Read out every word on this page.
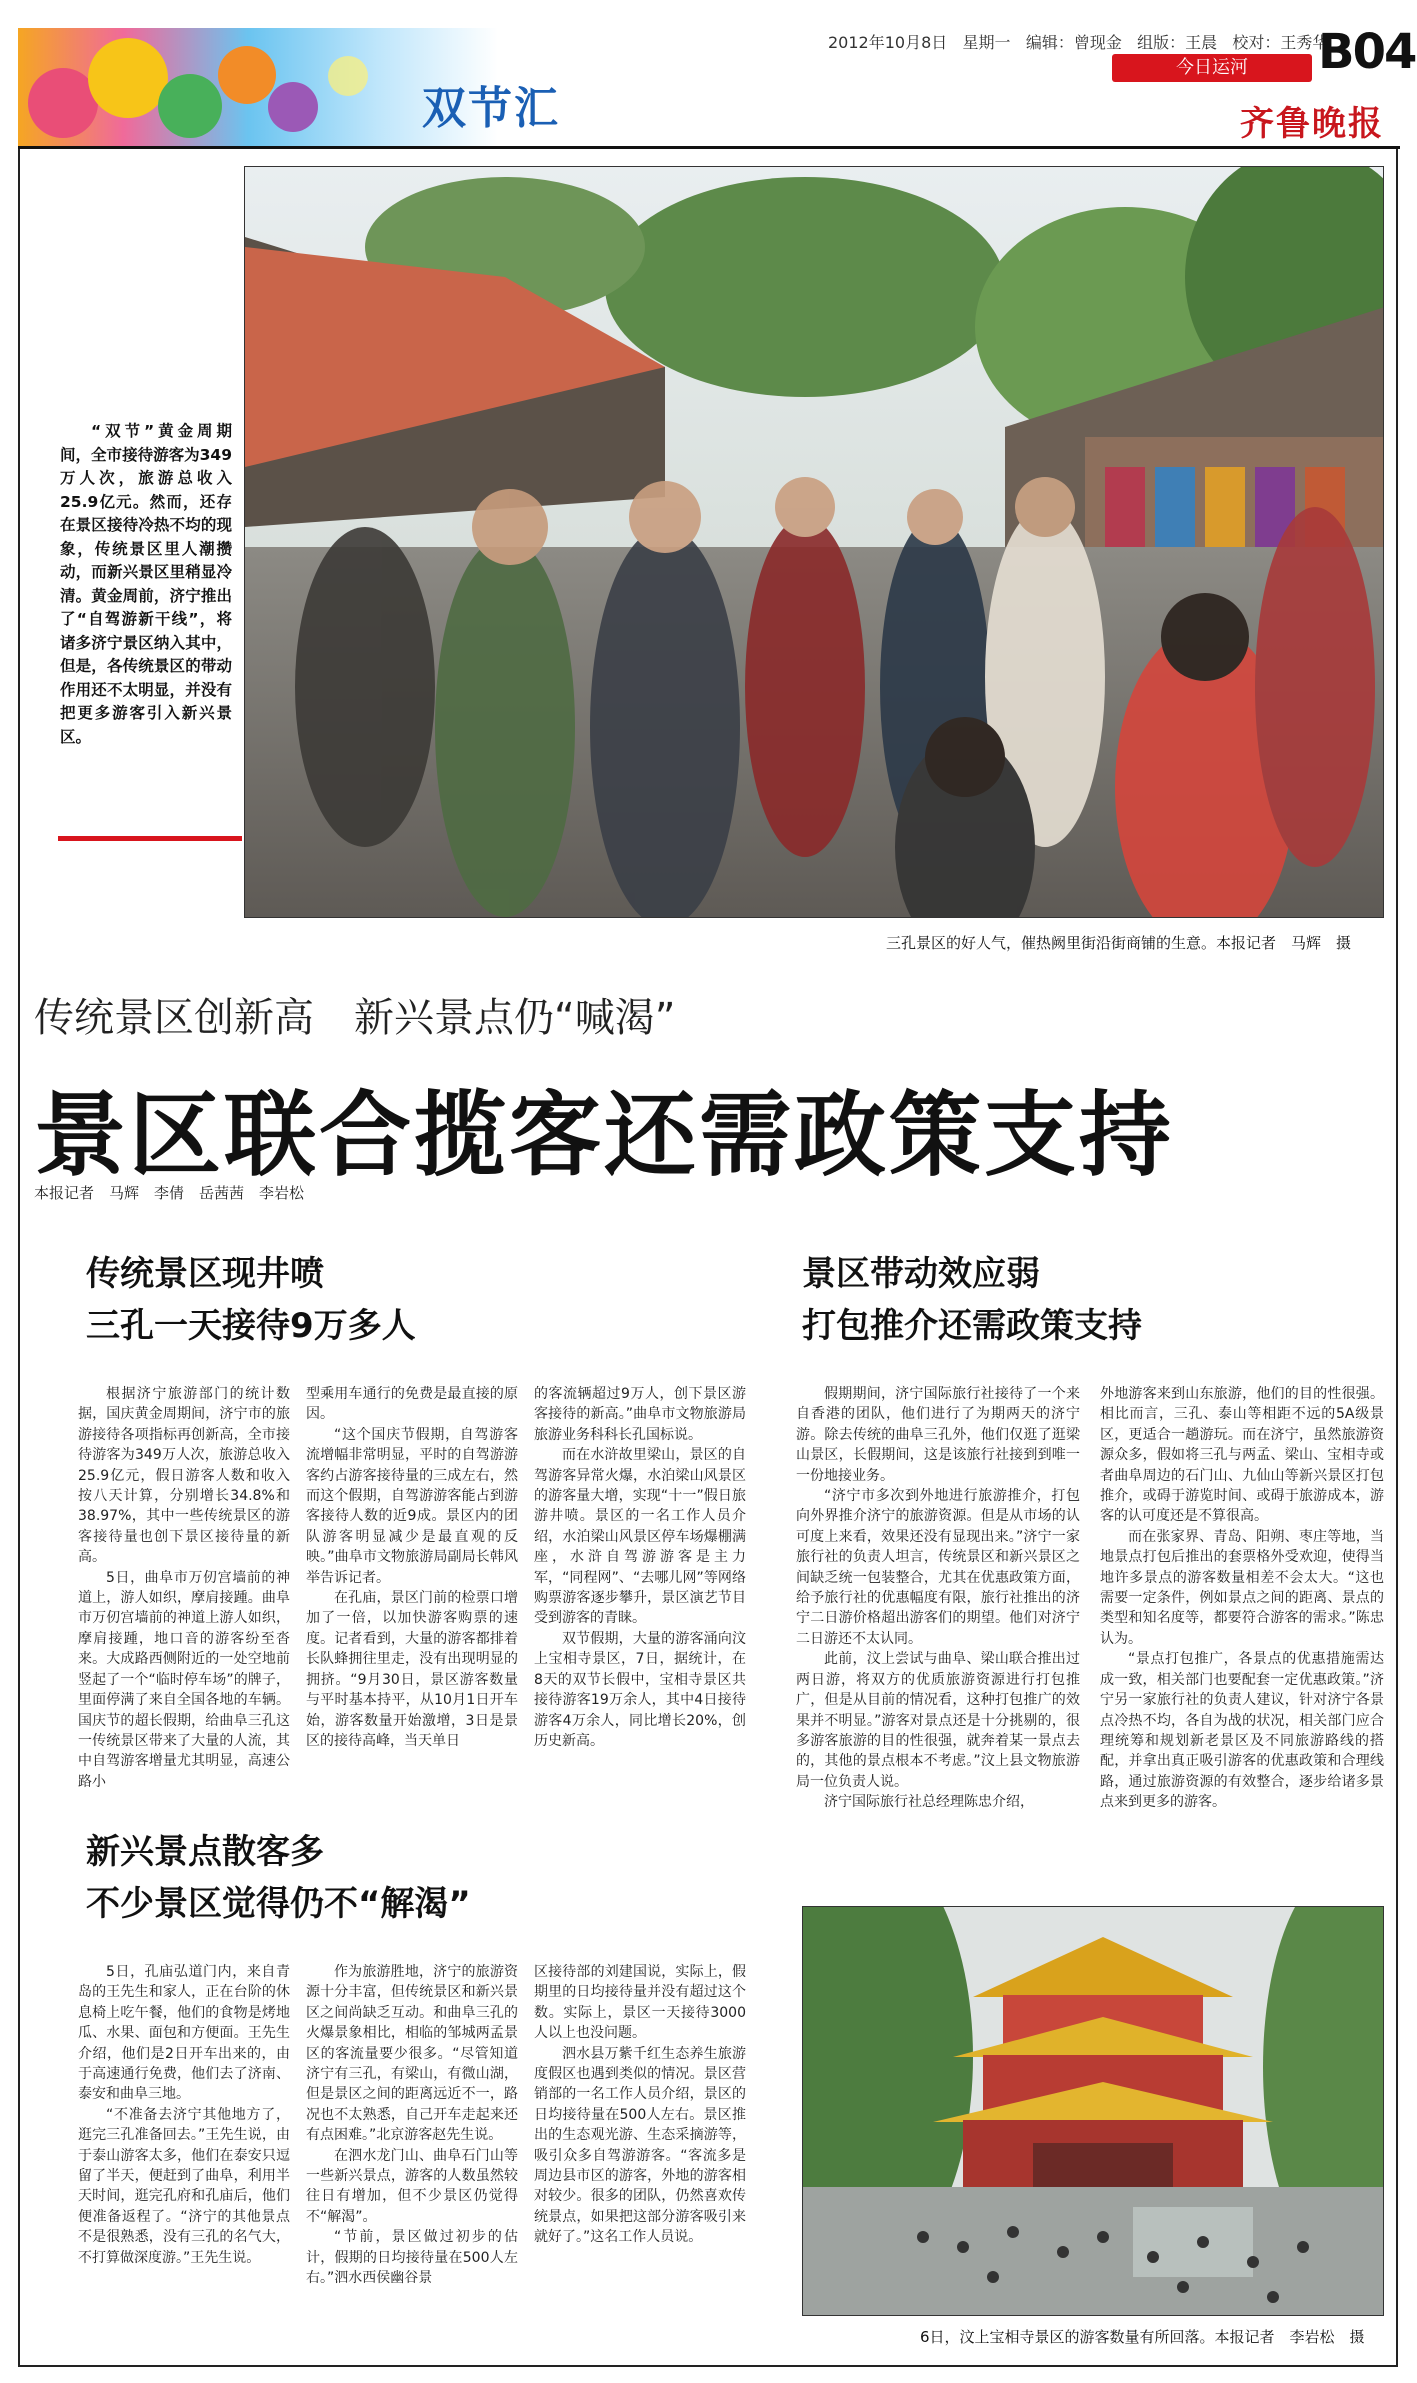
双节汇
2012年10月8日 星期一 编辑：曾现金 组版：王晨 校对：王秀华
B04
今日运河
齐鲁晚报

“双节”黄金周期间，全市接待游客为349万人次，旅游总收入25.9亿元。然而，还存在景区接待冷热不均的现象，传统景区里人潮攒动，而新兴景区里稍显冷清。黄金周前，济宁推出了“自驾游新干线”，将诸多济宁景区纳入其中，但是，各传统景区的带动作用还不太明显，并没有把更多游客引入新兴景区。

三孔景区的好人气，催热阙里街沿街商铺的生意。本报记者　马辉　摄
传统景区创新高　新兴景点仍“喊渴”
景区联合揽客还需政策支持
本报记者　马辉　李倩　岳茜茜　李岩松
传统景区现井喷
三孔一天接待9万多人
景区带动效应弱
打包推介还需政策支持
新兴景点散客多
不少景区觉得仍不“解渴”

根据济宁旅游部门的统计数据，国庆黄金周期间，济宁市的旅游接待各项指标再创新高，全市接待游客为349万人次，旅游总收入25.9亿元，假日游客人数和收入按八天计算，分别增长34.8%和38.97%，其中一些传统景区的游客接待量也创下景区接待量的新高。

5日，曲阜市万仞宫墙前的神道上，游人如织，摩肩接踵。曲阜市万仞宫墙前的神道上游人如织，摩肩接踵，地口音的游客纷至沓来。大成路西侧附近的一处空地前竖起了一个“临时停车场”的牌子，里面停满了来自全国各地的车辆。国庆节的超长假期，给曲阜三孔这一传统景区带来了大量的人流，其中自驾游客增量尤其明显，高速公路小

型乘用车通行的免费是最直接的原因。

“这个国庆节假期，自驾游客流增幅非常明显，平时的自驾游游客约占游客接待量的三成左右，然而这个假期，自驾游游客能占到游客接待人数的近9成。景区内的团队游客明显减少是最直观的反映。”曲阜市文物旅游局副局长韩风举告诉记者。

在孔庙，景区门前的检票口增加了一倍，以加快游客购票的速度。记者看到，大量的游客都排着长队蜂拥往里走，没有出现明显的拥挤。“9月30日，景区游客数量与平时基本持平，从10月1日开车始，游客数量开始激增，3日是景区的接待高峰，当天单日

的客流辆超过9万人，创下景区游客接待的新高。”曲阜市文物旅游局旅游业务科科长孔国标说。

而在水浒故里梁山，景区的自驾游客异常火爆，水泊梁山风景区的游客量大增，实现“十一”假日旅游井喷。景区的一名工作人员介绍，水泊梁山风景区停车场爆棚满座，水浒自驾游游客是主力军，“同程网”、“去哪儿网”等网络购票游客逐步攀升，景区演艺节目受到游客的青睐。

双节假期，大量的游客涌向汶上宝相寺景区，7日，据统计，在8天的双节长假中，宝相寺景区共接待游客19万余人，其中4日接待游客4万余人，同比增长20%，创历史新高。

假期期间，济宁国际旅行社接待了一个来自香港的团队，他们进行了为期两天的济宁游。除去传统的曲阜三孔外，他们仅逛了逛梁山景区，长假期间，这是该旅行社接到到唯一一份地接业务。

“济宁市多次到外地进行旅游推介，打包向外界推介济宁的旅游资源。但是从市场的认可度上来看，效果还没有显现出来。”济宁一家旅行社的负责人坦言，传统景区和新兴景区之间缺乏统一包装整合，尤其在优惠政策方面，给予旅行社的优惠幅度有限，旅行社推出的济宁二日游价格超出游客们的期望。他们对济宁二日游还不太认同。

此前，汶上尝试与曲阜、梁山联合推出过两日游，将双方的优质旅游资源进行打包推广，但是从目前的情况看，这种打包推广的效果并不明显。”游客对景点还是十分挑剔的，很多游客旅游的目的性很强，就奔着某一景点去的，其他的景点根本不考虑。”汶上县文物旅游局一位负责人说。

济宁国际旅行社总经理陈忠介绍，

外地游客来到山东旅游，他们的目的性很强。相比而言，三孔、泰山等相距不远的5A级景区，更适合一趟游玩。而在济宁，虽然旅游资源众多，假如将三孔与两孟、梁山、宝相寺或者曲阜周边的石门山、九仙山等新兴景区打包推介，或碍于游览时间、或碍于旅游成本，游客的认可度还是不算很高。

而在张家界、青岛、阳朔、枣庄等地，当地景点打包后推出的套票格外受欢迎，使得当地许多景点的游客数量相差不会太大。“这也需要一定条件，例如景点之间的距离、景点的类型和知名度等，都要符合游客的需求。”陈忠认为。

“景点打包推广，各景点的优惠措施需达成一致，相关部门也要配套一定优惠政策。”济宁另一家旅行社的负责人建议，针对济宁各景点冷热不均，各自为战的状况，相关部门应合理统筹和规划新老景区及不同旅游路线的搭配，并拿出真正吸引游客的优惠政策和合理线路，通过旅游资源的有效整合，逐步给诸多景点来到更多的游客。

5日，孔庙弘道门内，来自青岛的王先生和家人，正在台阶的休息椅上吃午餐，他们的食物是烤地瓜、水果、面包和方便面。王先生介绍，他们是2日开车出来的，由于高速通行免费，他们去了济南、泰安和曲阜三地。

“不准备去济宁其他地方了，逛完三孔准备回去。”王先生说，由于泰山游客太多，他们在泰安只逗留了半天，便赶到了曲阜，利用半天时间，逛完孔府和孔庙后，他们便准备返程了。“济宁的其他景点不是很熟悉，没有三孔的名气大，不打算做深度游。”王先生说。

作为旅游胜地，济宁的旅游资源十分丰富，但传统景区和新兴景区之间尚缺乏互动。和曲阜三孔的火爆景象相比，相临的邹城两孟景区的客流量要少很多。“尽管知道济宁有三孔，有梁山，有微山湖，但是景区之间的距离远近不一，路况也不太熟悉，自己开车走起来还有点困难。”北京游客赵先生说。

在泗水龙门山、曲阜石门山等一些新兴景点，游客的人数虽然较往日有增加，但不少景区仍觉得不“解渴”。

“节前，景区做过初步的估计，假期的日均接待量在500人左右。”泗水西侯幽谷景

区接待部的刘建国说，实际上，假期里的日均接待量并没有超过这个数。实际上，景区一天接待3000人以上也没问题。

泗水县万紫千红生态养生旅游度假区也遇到类似的情况。景区营销部的一名工作人员介绍，景区的日均接待量在500人左右。景区推出的生态观光游、生态采摘游等，吸引众多自驾游游客。“客流多是周边县市区的游客，外地的游客相对较少。很多的团队，仍然喜欢传统景点，如果把这部分游客吸引来就好了。”这名工作人员说。

6日，汶上宝相寺景区的游客数量有所回落。本报记者　李岩松　摄
